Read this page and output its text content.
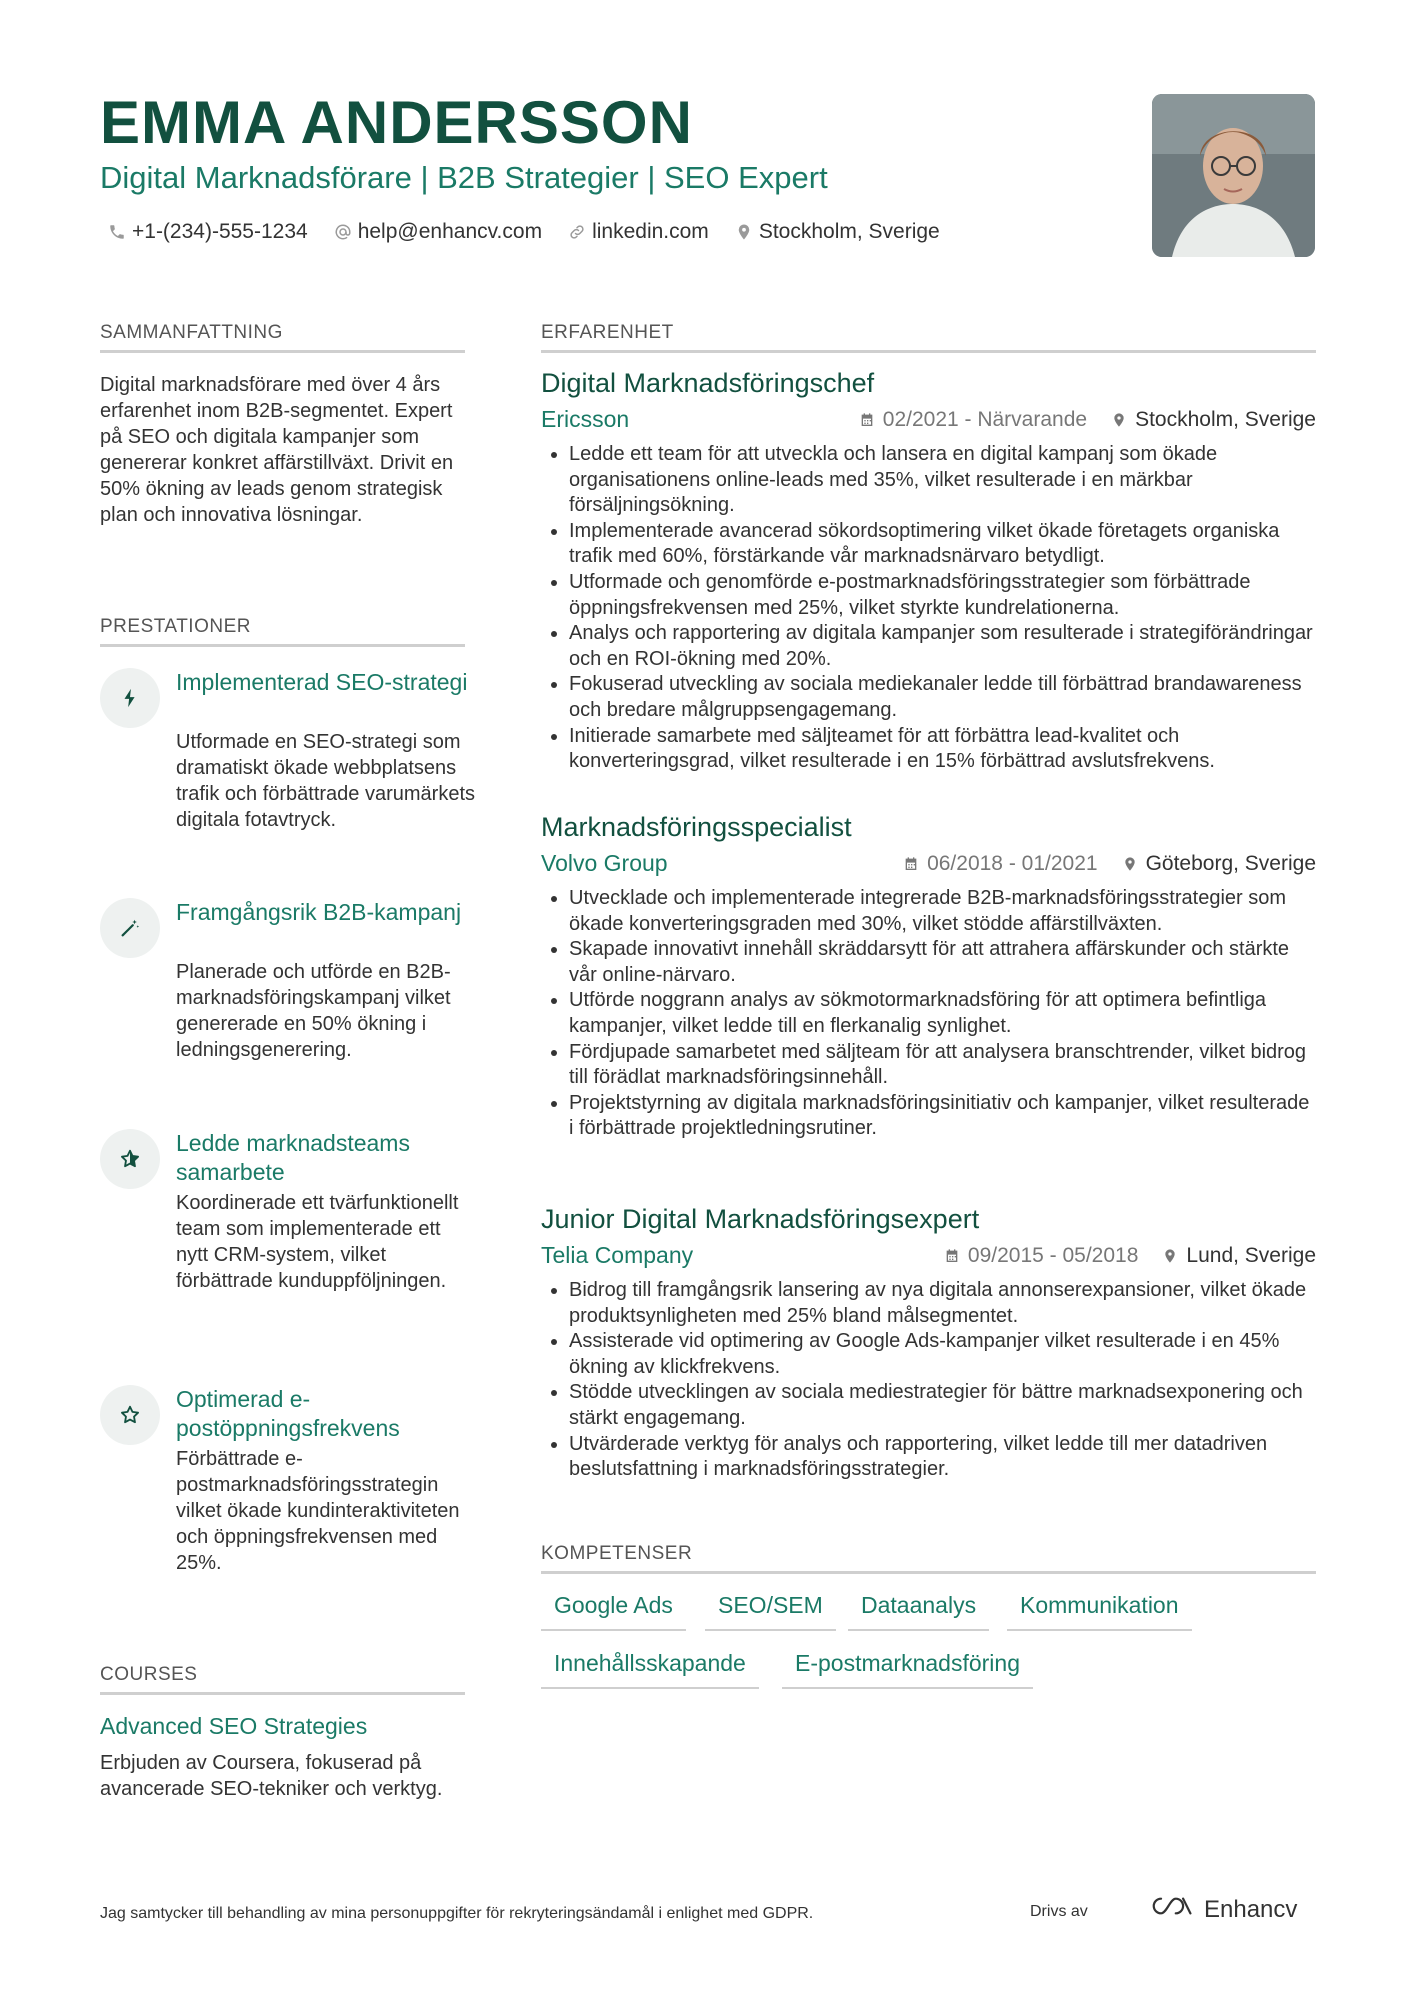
EMMA ANDERSSON

Digital Marknadsförare | B2B Strategier | SEO Expert

+1-(234)-555-1234 help@enhancv.com linkedin.com Stockholm, Sverige
SAMMANFATTNING

Digital marknadsförare med över 4 års erfarenhet inom B2B-segmentet. Expert på SEO och digitala kampanjer som genererar konkret affärstillväxt. Drivit en 50% ökning av leads genom strategisk plan och innovativa lösningar.

PRESTATIONER
Implementerad SEO-strategi

Utformade en SEO-strategi som dramatiskt ökade webbplatsens trafik och förbättrade varumärkets digitala fotavtryck.

Framgångsrik B2B-kampanj

Planerade och utförde en B2B-marknadsföringskampanj vilket genererade en 50% ökning i ledningsgenerering.

Ledde marknadsteams samarbete

Koordinerade ett tvärfunktionellt team som implementerade ett nytt CRM-system, vilket förbättrade kunduppföljningen.

Optimerad e-postöppningsfrekvens

Förbättrade e-postmarknadsföringsstrategin vilket ökade kundinteraktiviteten och öppningsfrekvensen med 25%.

COURSES
Advanced SEO Strategies

Erbjuden av Coursera, fokuserad på avancerade SEO-tekniker och verktyg.

ERFARENHET
Digital Marknadsföringschef

Ericsson	02/2021 - Närvarande Stockholm, Sverige
• Ledde ett team för att utveckla och lansera en digital kampanj som ökade organisationens online-leads med 35%, vilket resulterade i en märkbar försäljningsökning.
• Implementerade avancerad sökordsoptimering vilket ökade företagets organiska trafik med 60%, förstärkande vår marknadsnärvaro betydligt.
• Utformade och genomförde e-postmarknadsföringsstrategier som förbättrade öppningsfrekvensen med 25%, vilket styrkte kundrelationerna.
• Analys och rapportering av digitala kampanjer som resulterade i strategiförändringar och en ROI-ökning med 20%.
• Fokuserad utveckling av sociala mediekanaler ledde till förbättrad brandawareness och bredare målgruppsengagemang.
• Initierade samarbete med säljteamet för att förbättra lead-kvalitet och konverteringsgrad, vilket resulterade i en 15% förbättrad avslutsfrekvens.
Marknadsföringsspecialist

Volvo Group	06/2018 - 01/2021 Göteborg, Sverige
• Utvecklade och implementerade integrerade B2B-marknadsföringsstrategier som ökade konverteringsgraden med 30%, vilket stödde affärstillväxten.
• Skapade innovativt innehåll skräddarsytt för att attrahera affärskunder och stärkte vår online-närvaro.
• Utförde noggrann analys av sökmotormarknadsföring för att optimera befintliga kampanjer, vilket ledde till en flerkanalig synlighet.
• Fördjupade samarbetet med säljteam för att analysera branschtrender, vilket bidrog till förädlat marknadsföringsinnehåll.
• Projektstyrning av digitala marknadsföringsinitiativ och kampanjer, vilket resulterade i förbättrade projektledningsrutiner.
Junior Digital Marknadsföringsexpert

Telia Company	09/2015 - 05/2018 Lund, Sverige
• Bidrog till framgångsrik lansering av nya digitala annonserexpansioner, vilket ökade produktsynligheten med 25% bland målsegmentet.
• Assisterade vid optimering av Google Ads-kampanjer vilket resulterade i en 45% ökning av klickfrekvens.
• Stödde utvecklingen av sociala mediestrategier för bättre marknadsexponering och stärkt engagemang.
• Utvärderade verktyg för analys och rapportering, vilket ledde till mer datadriven beslutsfattning i marknadsföringsstrategier.
KOMPETENSER
Google Ads	SEO/SEM	Dataanalys	Kommunikation
Innehållsskapande	E-postmarknadsföring
Jag samtycker till behandling av mina personuppgifter för rekryteringsändamål i enlighet med GDPR.	Drivs av	Enhancv
